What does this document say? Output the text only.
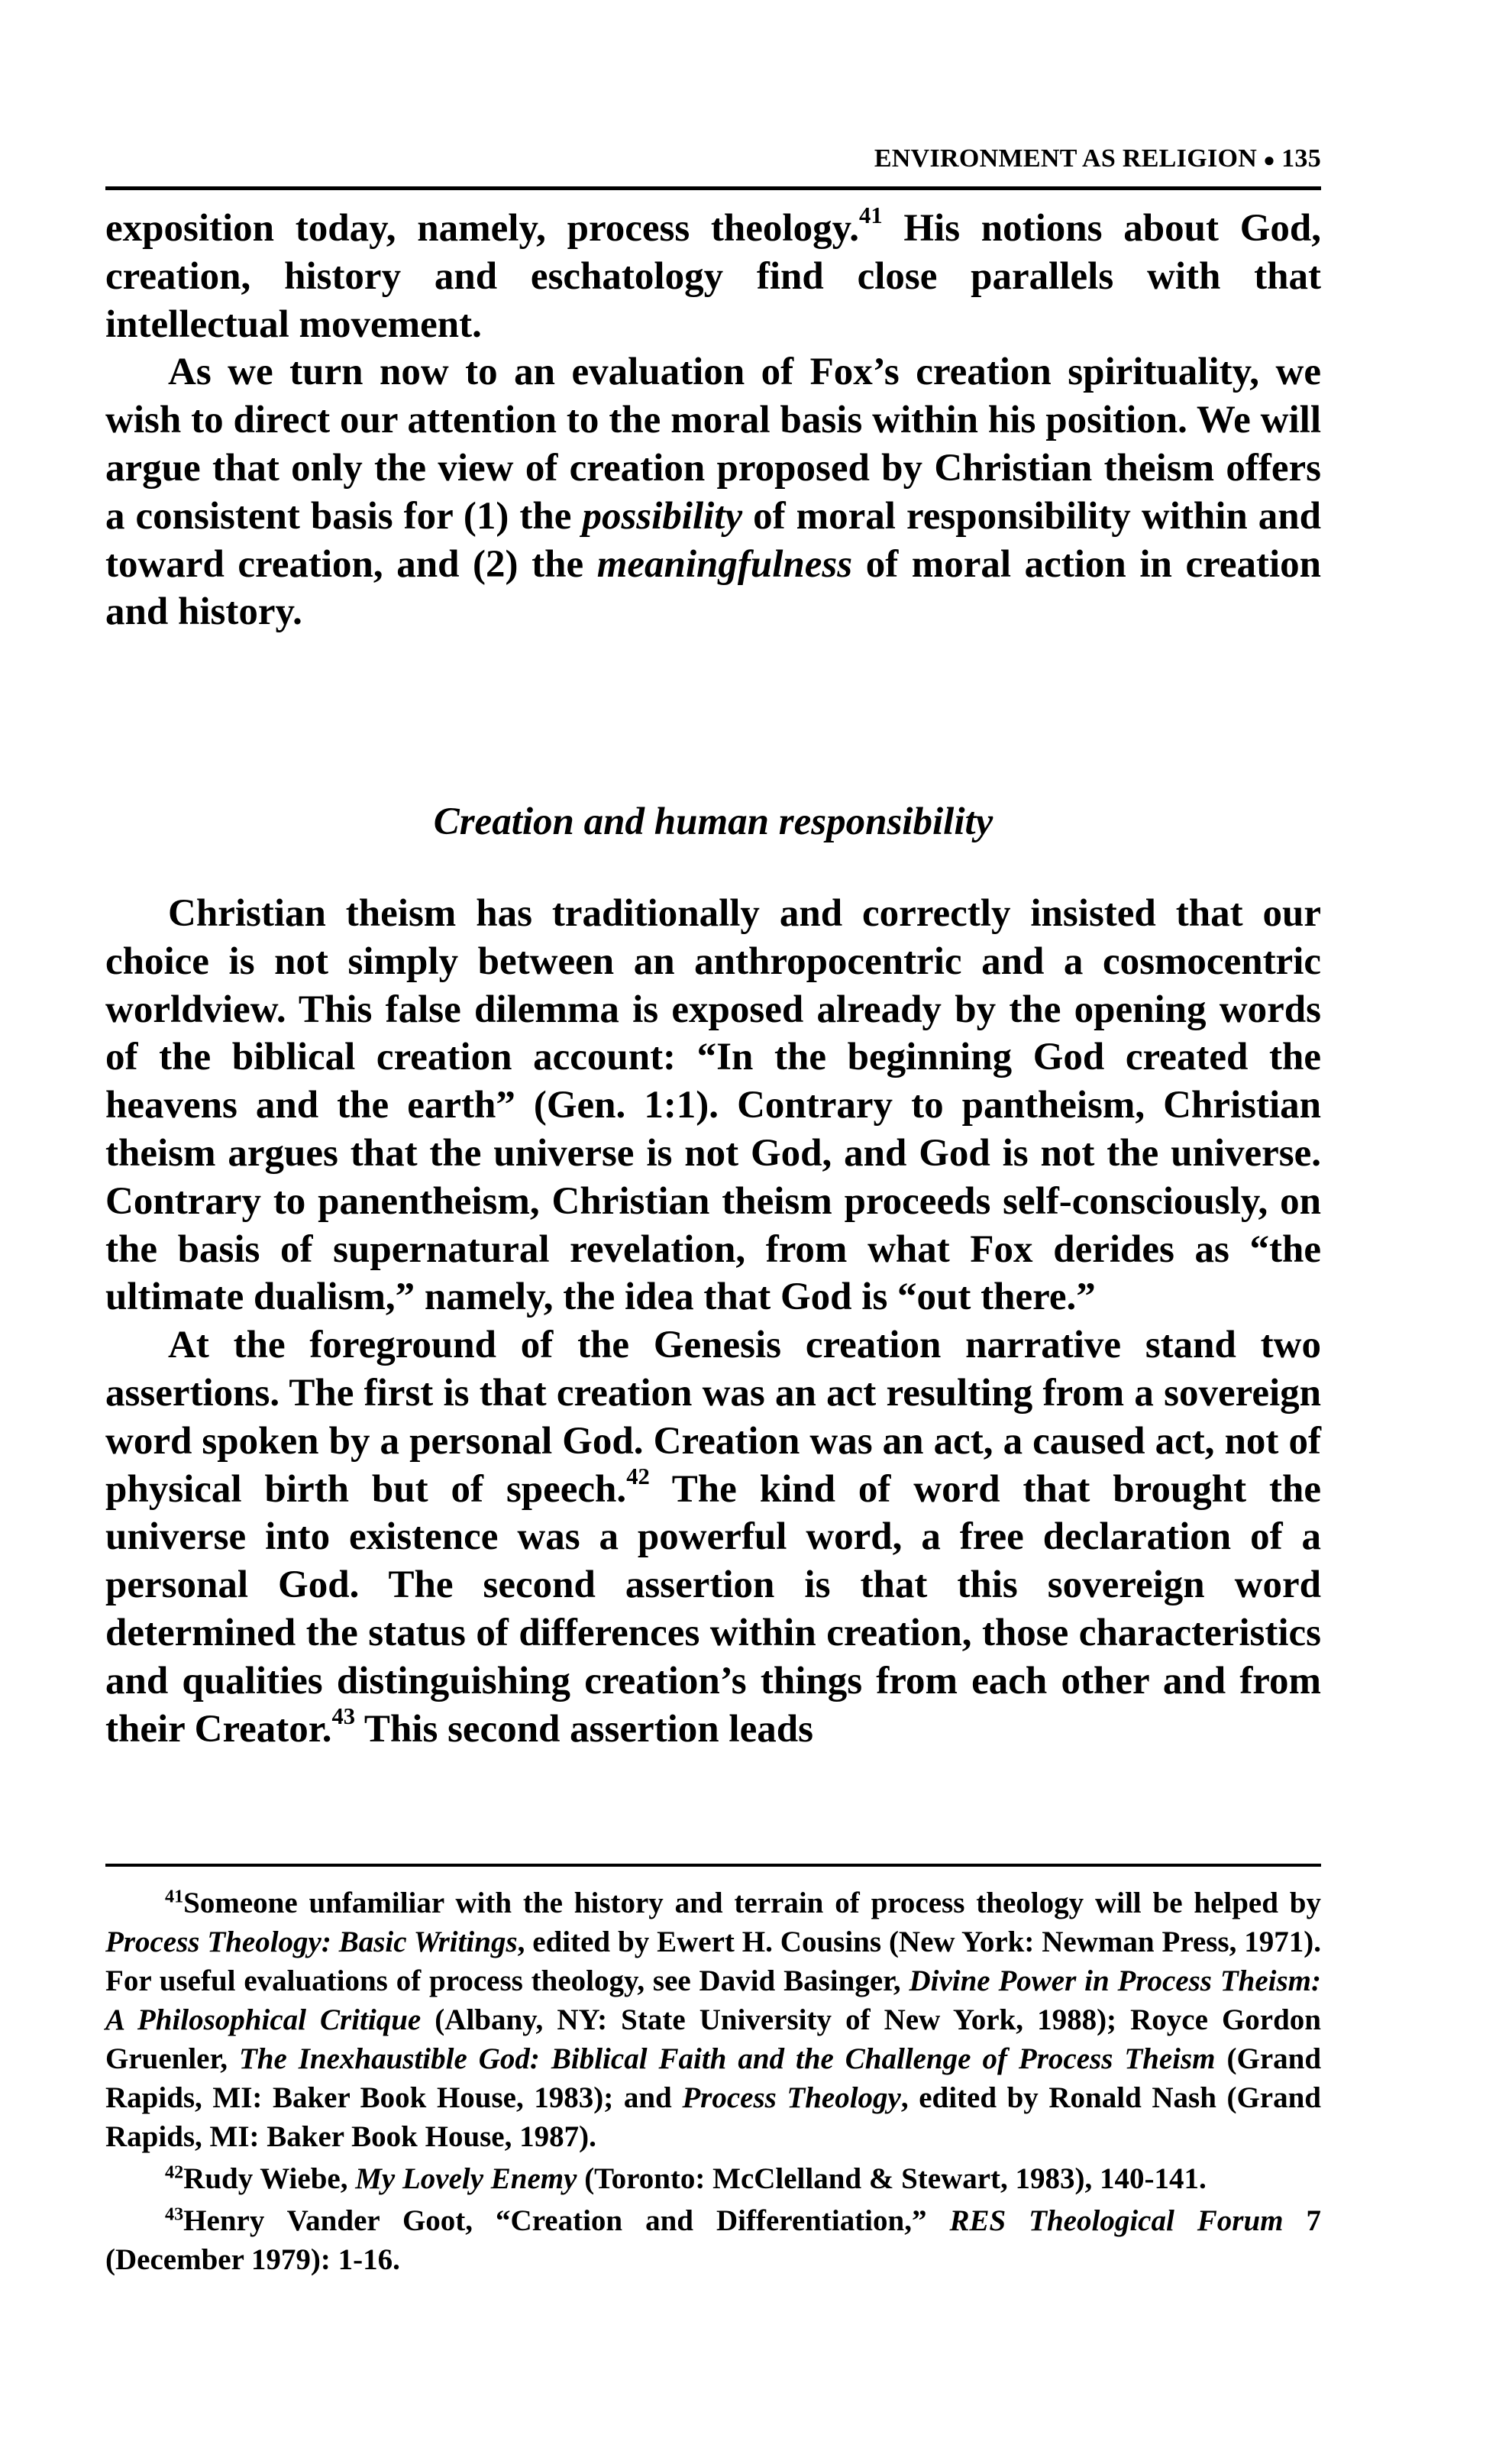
ENVIRONMENT AS RELIGION ● 135

exposition today, namely, process theology.$^{41}$ His notions about God, creation, history and eschatology find close parallels with that intellectual movement.

As we turn now to an evaluation of Fox’s creation spirituality, we wish to direct our attention to the moral basis within his position. We will argue that only the view of creation proposed by Christian theism offers a consistent basis for (1) the possibility of moral responsibility within and toward creation, and (2) the meaningfulness of moral action in creation and history.

Creation and human responsibility

Christian theism has traditionally and correctly insisted that our choice is not simply between an anthropocentric and a cosmocentric worldview. This false dilemma is exposed already by the opening words of the biblical creation account: “In the beginning God created the heavens and the earth” (Gen. 1:1). Contrary to pantheism, Christian theism argues that the universe is not God, and God is not the universe. Contrary to panentheism, Christian theism proceeds self-consciously, on the basis of supernatural revelation, from what Fox derides as “the ultimate dualism,” namely, the idea that God is “out there.”

At the foreground of the Genesis creation narrative stand two assertions. The first is that creation was an act resulting from a sovereign word spoken by a personal God. Creation was an act, a caused act, not of physical birth but of speech.$^{42}$ The kind of word that brought the universe into existence was a powerful word, a free declaration of a personal God. The second assertion is that this sovereign word determined the status of differences within creation, those characteristics and qualities distinguishing creation’s things from each other and from their Creator.$^{43}$ This second assertion leads

$^{41}$Someone unfamiliar with the history and terrain of process theology will be helped by Process Theology: Basic Writings, edited by Ewert H. Cousins (New York: Newman Press, 1971). For useful evaluations of process theology, see David Basinger, Divine Power in Process Theism: A Philosophical Critique (Albany, NY: State University of New York, 1988); Royce Gordon Gruenler, The Inexhaustible God: Biblical Faith and the Challenge of Process Theism (Grand Rapids, MI: Baker Book House, 1983); and Process Theology, edited by Ronald Nash (Grand Rapids, MI: Baker Book House, 1987).

$^{42}$Rudy Wiebe, My Lovely Enemy (Toronto: McClelland & Stewart, 1983), 140-141.

$^{43}$Henry Vander Goot, “Creation and Differentiation,” RES Theological Forum 7 (December 1979): 1-16.
